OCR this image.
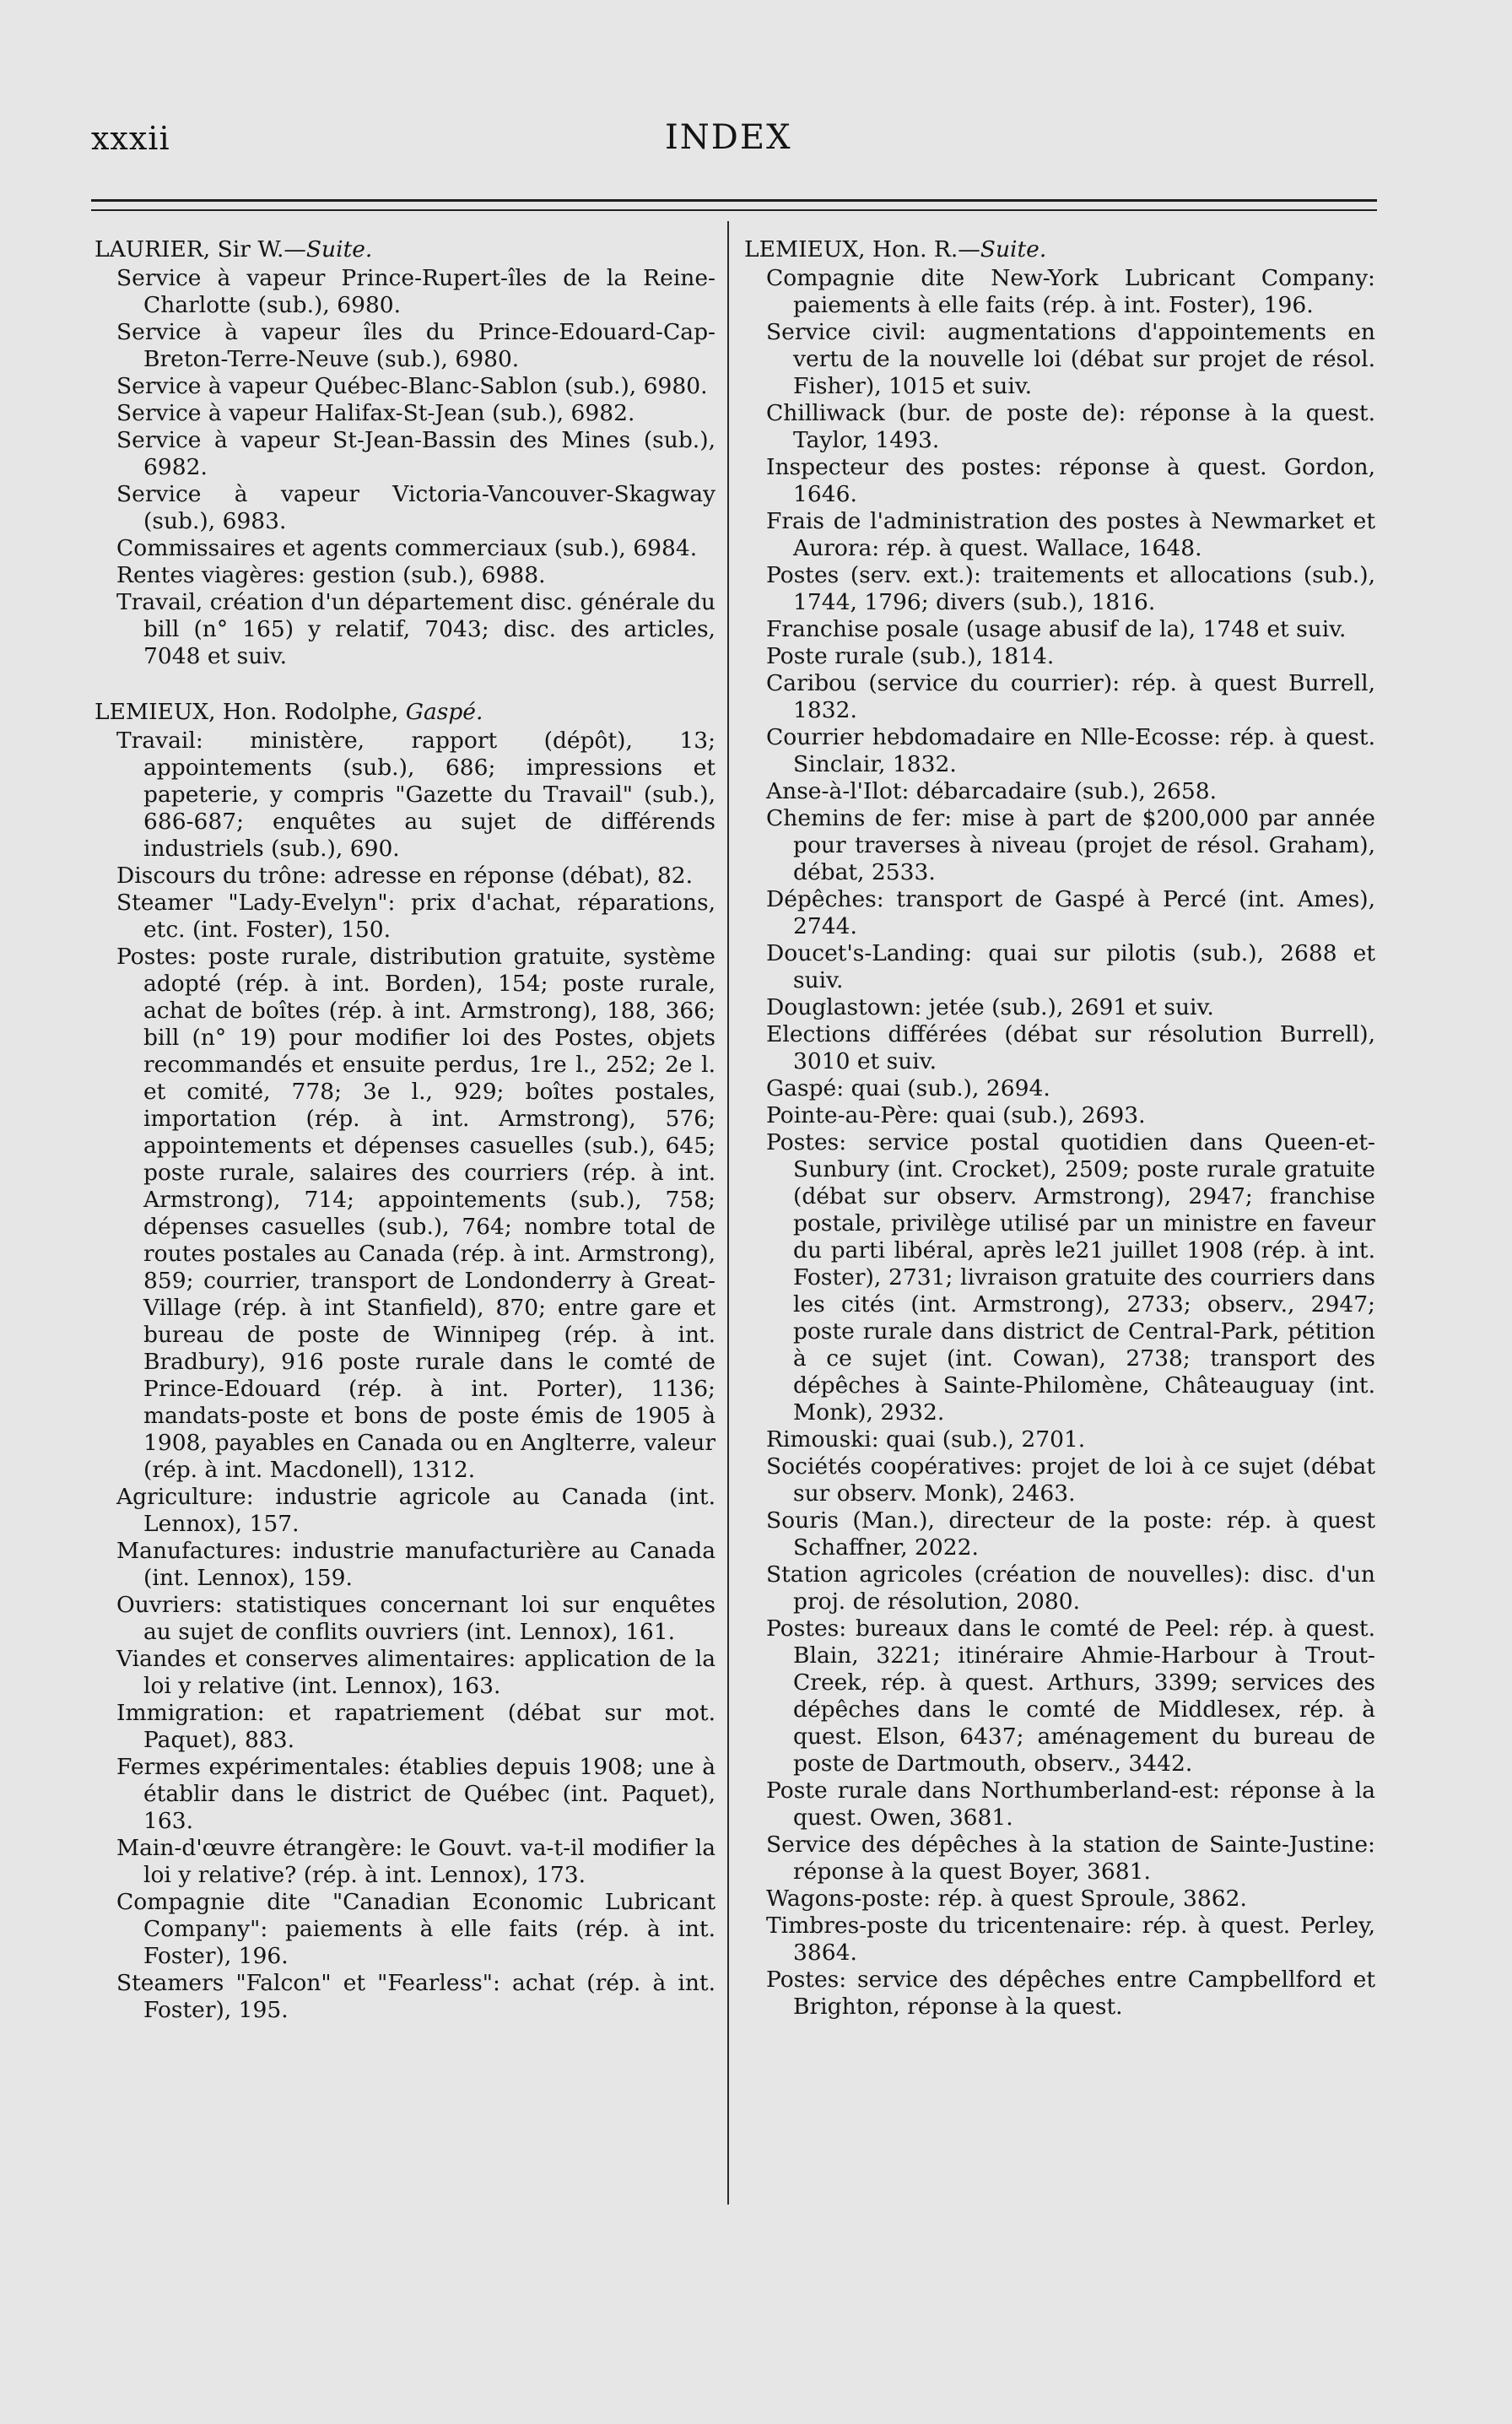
xxxii	INDEX

LAURIER, Sir W.—Suite.

Service à vapeur Prince-Rupert-îles de la Reine-Charlotte (sub.), 6980.

Service à vapeur îles du Prince-Edouard-Cap-Breton-Terre-Neuve (sub.), 6980.

Service à vapeur Québec-Blanc-Sablon (sub.), 6980.

Service à vapeur Halifax-St-Jean (sub.), 6982.

Service à vapeur St-Jean-Bassin des Mines (sub.), 6982.

Service à vapeur Victoria-Vancouver-Skagway (sub.), 6983.

Commissaires et agents commerciaux (sub.), 6984.

Rentes viagères: gestion (sub.), 6988.

Travail, création d'un département disc. générale du bill (n° 165) y relatif, 7043; disc. des articles, 7048 et suiv.

LEMIEUX, Hon. Rodolphe, Gaspé.

Travail: ministère, rapport (dépôt), 13; appointements (sub.), 686; impressions et papeterie, y compris "Gazette du Travail" (sub.), 686-687; enquêtes au sujet de différends industriels (sub.), 690.

Discours du trône: adresse en réponse (débat), 82.

Steamer "Lady-Evelyn": prix d'achat, réparations, etc. (int. Foster), 150.

Postes: poste rurale, distribution gratuite, système adopté (rép. à int. Borden), 154; poste rurale, achat de boîtes (rép. à int. Armstrong), 188, 366; bill (n° 19) pour modifier loi des Postes, objets recommandés et ensuite perdus, 1re l., 252; 2e l. et comité, 778; 3e l., 929; boîtes postales, importation (rép. à int. Armstrong), 576; appointements et dépenses casuelles (sub.), 645; poste rurale, salaires des courriers (rép. à int. Armstrong), 714; appointements (sub.), 758; dépenses casuelles (sub.), 764; nombre total de routes postales au Canada (rép. à int. Armstrong), 859; courrier, transport de Londonderry à Great-Village (rép. à int Stanfield), 870; entre gare et bureau de poste de Winnipeg (rép. à int. Bradbury), 916 poste rurale dans le comté de Prince-Edouard (rép. à int. Porter), 1136; mandats-poste et bons de poste émis de 1905 à 1908, payables en Canada ou en Anglterre, valeur (rép. à int. Macdonell), 1312.

Agriculture: industrie agricole au Canada (int. Lennox), 157.

Manufactures: industrie manufacturière au Canada (int. Lennox), 159.

Ouvriers: statistiques concernant loi sur enquêtes au sujet de conflits ouvriers (int. Lennox), 161.

Viandes et conserves alimentaires: application de la loi y relative (int. Lennox), 163.

Immigration: et rapatriement (débat sur mot. Paquet), 883.

Fermes expérimentales: établies depuis 1908; une à établir dans le district de Québec (int. Paquet), 163.

Main-d'œuvre étrangère: le Gouvt. va-t-il modifier la loi y relative? (rép. à int. Lennox), 173.

Compagnie dite "Canadian Economic Lubricant Company": paiements à elle faits (rép. à int. Foster), 196.

Steamers "Falcon" et "Fearless": achat (rép. à int. Foster), 195.

LEMIEUX, Hon. R.—Suite.

Compagnie dite New-York Lubricant Company: paiements à elle faits (rép. à int. Foster), 196.

Service civil: augmentations d'appointements en vertu de la nouvelle loi (débat sur projet de résol. Fisher), 1015 et suiv.

Chilliwack (bur. de poste de): réponse à la quest. Taylor, 1493.

Inspecteur des postes: réponse à quest. Gordon, 1646.

Frais de l'administration des postes à Newmarket et Aurora: rép. à quest. Wallace, 1648.

Postes (serv. ext.): traitements et allocations (sub.), 1744, 1796; divers (sub.), 1816.

Franchise posale (usage abusif de la), 1748 et suiv.

Poste rurale (sub.), 1814.

Caribou (service du courrier): rép. à quest Burrell, 1832.

Courrier hebdomadaire en Nlle-Ecosse: rép. à quest. Sinclair, 1832.

Anse-à-l'Ilot: débarcadaire (sub.), 2658.

Chemins de fer: mise à part de $200,000 par année pour traverses à niveau (projet de résol. Graham), débat, 2533.

Dépêches: transport de Gaspé à Percé (int. Ames), 2744.

Doucet's-Landing: quai sur pilotis (sub.), 2688 et suiv.

Douglastown: jetée (sub.), 2691 et suiv.

Elections différées (débat sur résolution Burrell), 3010 et suiv.

Gaspé: quai (sub.), 2694.

Pointe-au-Père: quai (sub.), 2693.

Postes: service postal quotidien dans Queen-et-Sunbury (int. Crocket), 2509; poste rurale gratuite (débat sur observ. Armstrong), 2947; franchise postale, privilège utilisé par un ministre en faveur du parti libéral, après le21 juillet 1908 (rép. à int. Foster), 2731; livraison gratuite des courriers dans les cités (int. Armstrong), 2733; observ., 2947; poste rurale dans district de Central-Park, pétition à ce sujet (int. Cowan), 2738; transport des dépêches à Sainte-Philomène, Châteauguay (int. Monk), 2932.

Rimouski: quai (sub.), 2701.

Sociétés coopératives: projet de loi à ce sujet (débat sur observ. Monk), 2463.

Souris (Man.), directeur de la poste: rép. à quest Schaffner, 2022.

Station agricoles (création de nouvelles): disc. d'un proj. de résolution, 2080.

Postes: bureaux dans le comté de Peel: rép. à quest. Blain, 3221; itinéraire Ahmie-Harbour à Trout-Creek, rép. à quest. Arthurs, 3399; services des dépêches dans le comté de Middlesex, rép. à quest. Elson, 6437; aménagement du bureau de poste de Dartmouth, observ., 3442.

Poste rurale dans Northumberland-est: réponse à la quest. Owen, 3681.

Service des dépêches à la station de Sainte-Justine: réponse à la quest Boyer, 3681.

Wagons-poste: rép. à quest Sproule, 3862.

Timbres-poste du tricentenaire: rép. à quest. Perley, 3864.

Postes: service des dépêches entre Campbellford et Brighton, réponse à la quest.
